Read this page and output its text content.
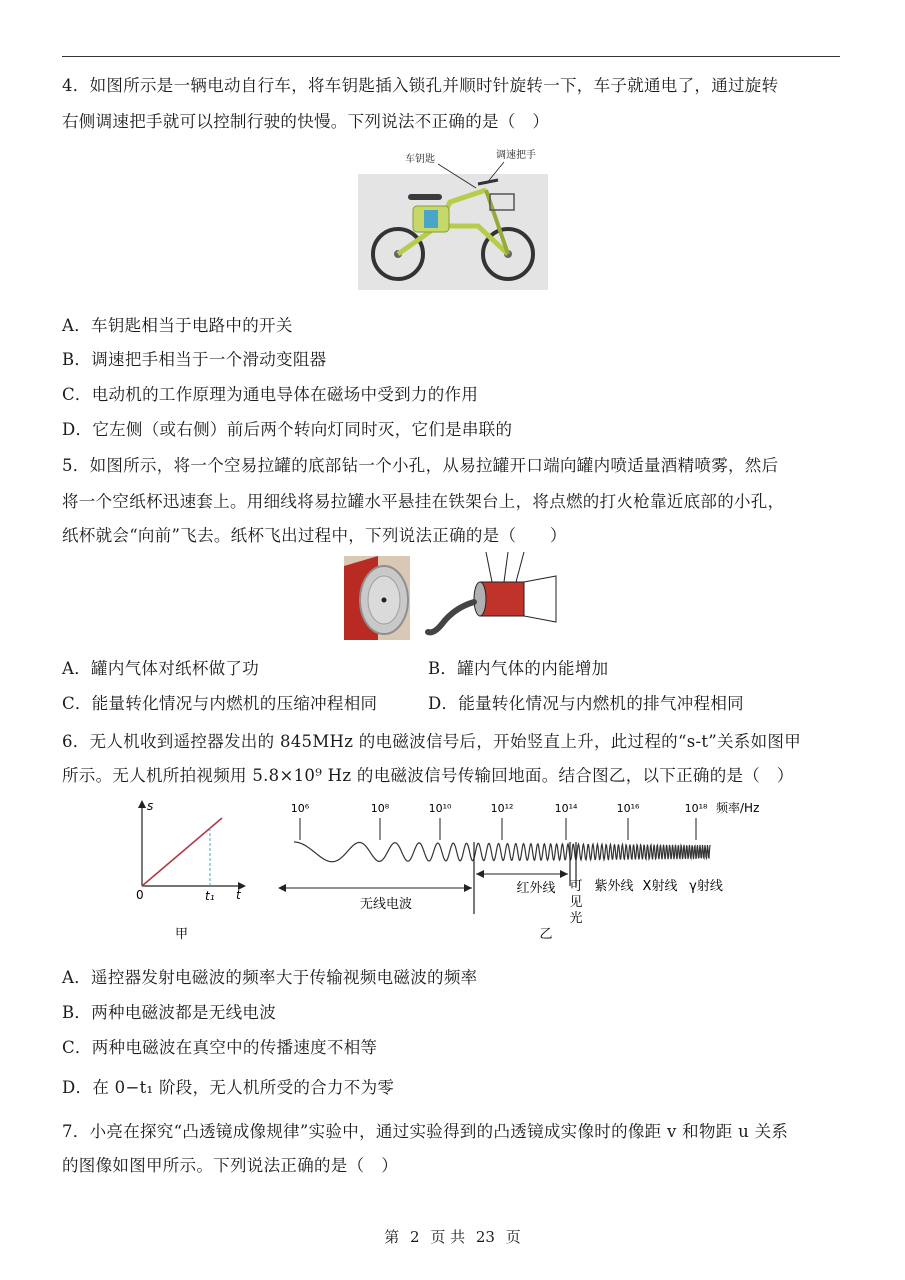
4．如图所示是一辆电动自行车，将车钥匙插入锁孔并顺时针旋转一下，车子就通电了，通过旋转
右侧调速把手就可以控制行驶的快慢。下列说法不正确的是（　）
车钥匙	调速把手
A．车钥匙相当于电路中的开关
B．调速把手相当于一个滑动变阻器
C．电动机的工作原理为通电导体在磁场中受到力的作用
D．它左侧（或右侧）前后两个转向灯同时灭，它们是串联的
5．如图所示，将一个空易拉罐的底部钻一个小孔，从易拉罐开口端向罐内喷适量酒精喷雾，然后
将一个空纸杯迅速套上。用细线将易拉罐水平悬挂在铁架台上，将点燃的打火枪靠近底部的小孔，
纸杯就会“向前”飞去。纸杯飞出过程中，下列说法正确的是（　　）
A．罐内气体对纸杯做了功	B．罐内气体的内能增加
C．能量转化情况与内燃机的压缩冲程相同	D．能量转化情况与内燃机的排气冲程相同
6．无人机收到遥控器发出的 845MHz 的电磁波信号后，开始竖直上升，此过程的“s-t”关系如图甲
所示。无人机所拍视频用 5.8×10⁹ Hz 的电磁波信号传输回地面。结合图乙，以下正确的是（　）
s
t
0	t₁
甲
10⁶	10⁸	10¹⁰	10¹²	10¹⁴	10¹⁶	10¹⁸ 频率/Hz
无线电波
红外线 可
见
光
紫外线 X射线 γ射线
乙
A．遥控器发射电磁波的频率大于传输视频电磁波的频率
B．两种电磁波都是无线电波
C．两种电磁波在真空中的传播速度不相等
D．在 0−t₁ 阶段，无人机所受的合力不为零
7．小亮在探究“凸透镜成像规律”实验中，通过实验得到的凸透镜成实像时的像距 v 和物距 u 关系
的图像如图甲所示。下列说法正确的是（　）
第 2 页 共 23 页
